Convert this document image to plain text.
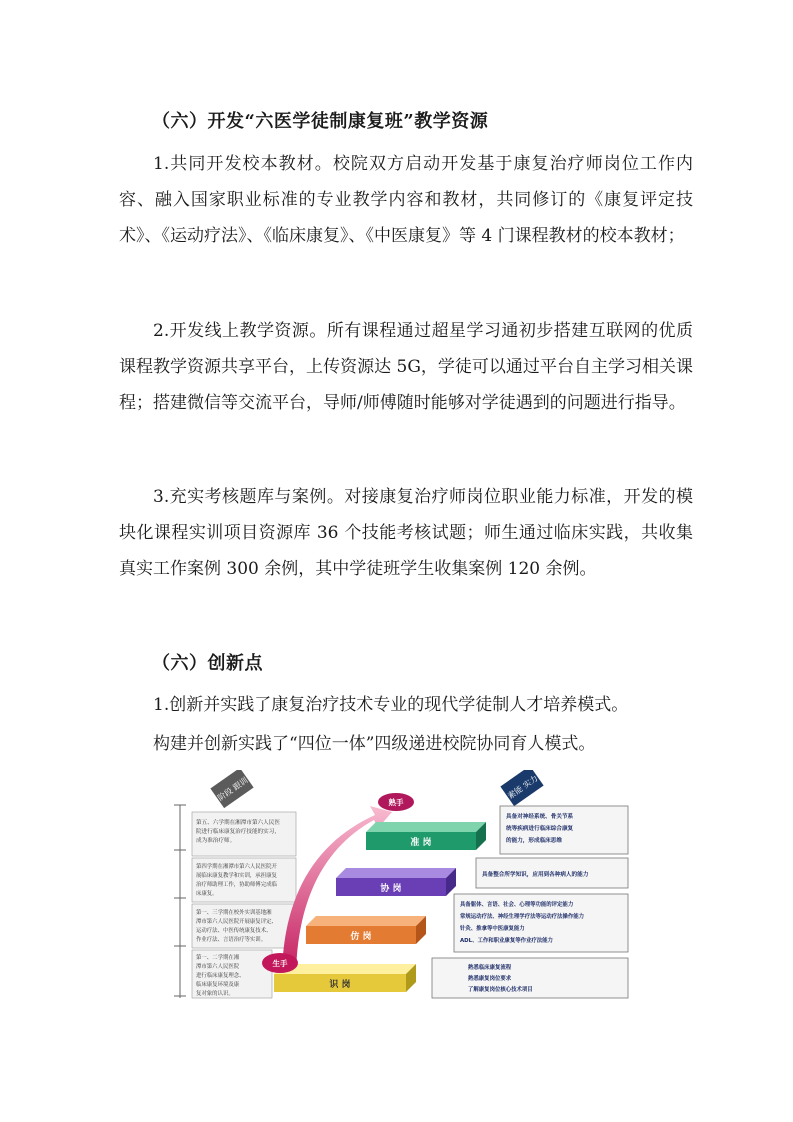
（六）开发“六医学徒制康复班”教学资源

1.共同开发校本教材。校院双方启动开发基于康复治疗师岗位工作内容、融入国家职业标准的专业教学内容和教材，共同修订的《康复评定技术》、《运动疗法》、《临床康复》、《中医康复》等 4 门课程教材的校本教材；

2.开发线上教学资源。所有课程通过超星学习通初步搭建互联网的优质课程教学资源共享平台，上传资源达 5G，学徒可以通过平台自主学习相关课程；搭建微信等交流平台，导师/师傅随时能够对学徒遇到的问题进行指导。

3.充实考核题库与案例。对接康复治疗师岗位职业能力标准，开发的模块化课程实训项目资源库 36 个技能考核试题；师生通过临床实践，共收集真实工作案例 300 余例，其中学徒班学生收集案例 120 余例。

（六）创新点
1.创新并实践了康复治疗技术专业的现代学徒制人才培养模式。
构建并创新实践了“四位一体”四级递进校院协同育人模式。
阶段 跟训	素能 实力
第五、六学期在湘潭市第六人民医
院进行临床康复治疗技能的实习，
成为准治疗师。
第四学期在湘潭市第六人民医院开
展临床康复教学和实训，承担康复
治疗师助理工作，协助师傅完成临
床康复。
第一、三学期在校外实训基地湘
潭市第六人民医院开展康复评定、
运动疗法、中医传统康复技术、
作业疗法、言语治疗等实训。
第一、二学期在湘
潭市第六人民医院
进行临床康复理念、
临床康复环境及康
复对象的认识。
准 岗
协 岗
仿 岗
识 岗
生手
熟手
具备对神经系统、骨关节系
统等疾病进行临床综合康复
的能力，形成临床思维
具备整合所学知识，应用到各种病人的能力
具备躯体、言语、社会、心理等功能的评定能力
常规运动疗法、神经生理学疗法等运动疗法操作能力
针灸、推拿等中医康复能力
ADL、工作和职业康复等作业疗法能力
熟悉临床康复流程
熟悉康复岗位要求
了解康复岗位核心技术项目
